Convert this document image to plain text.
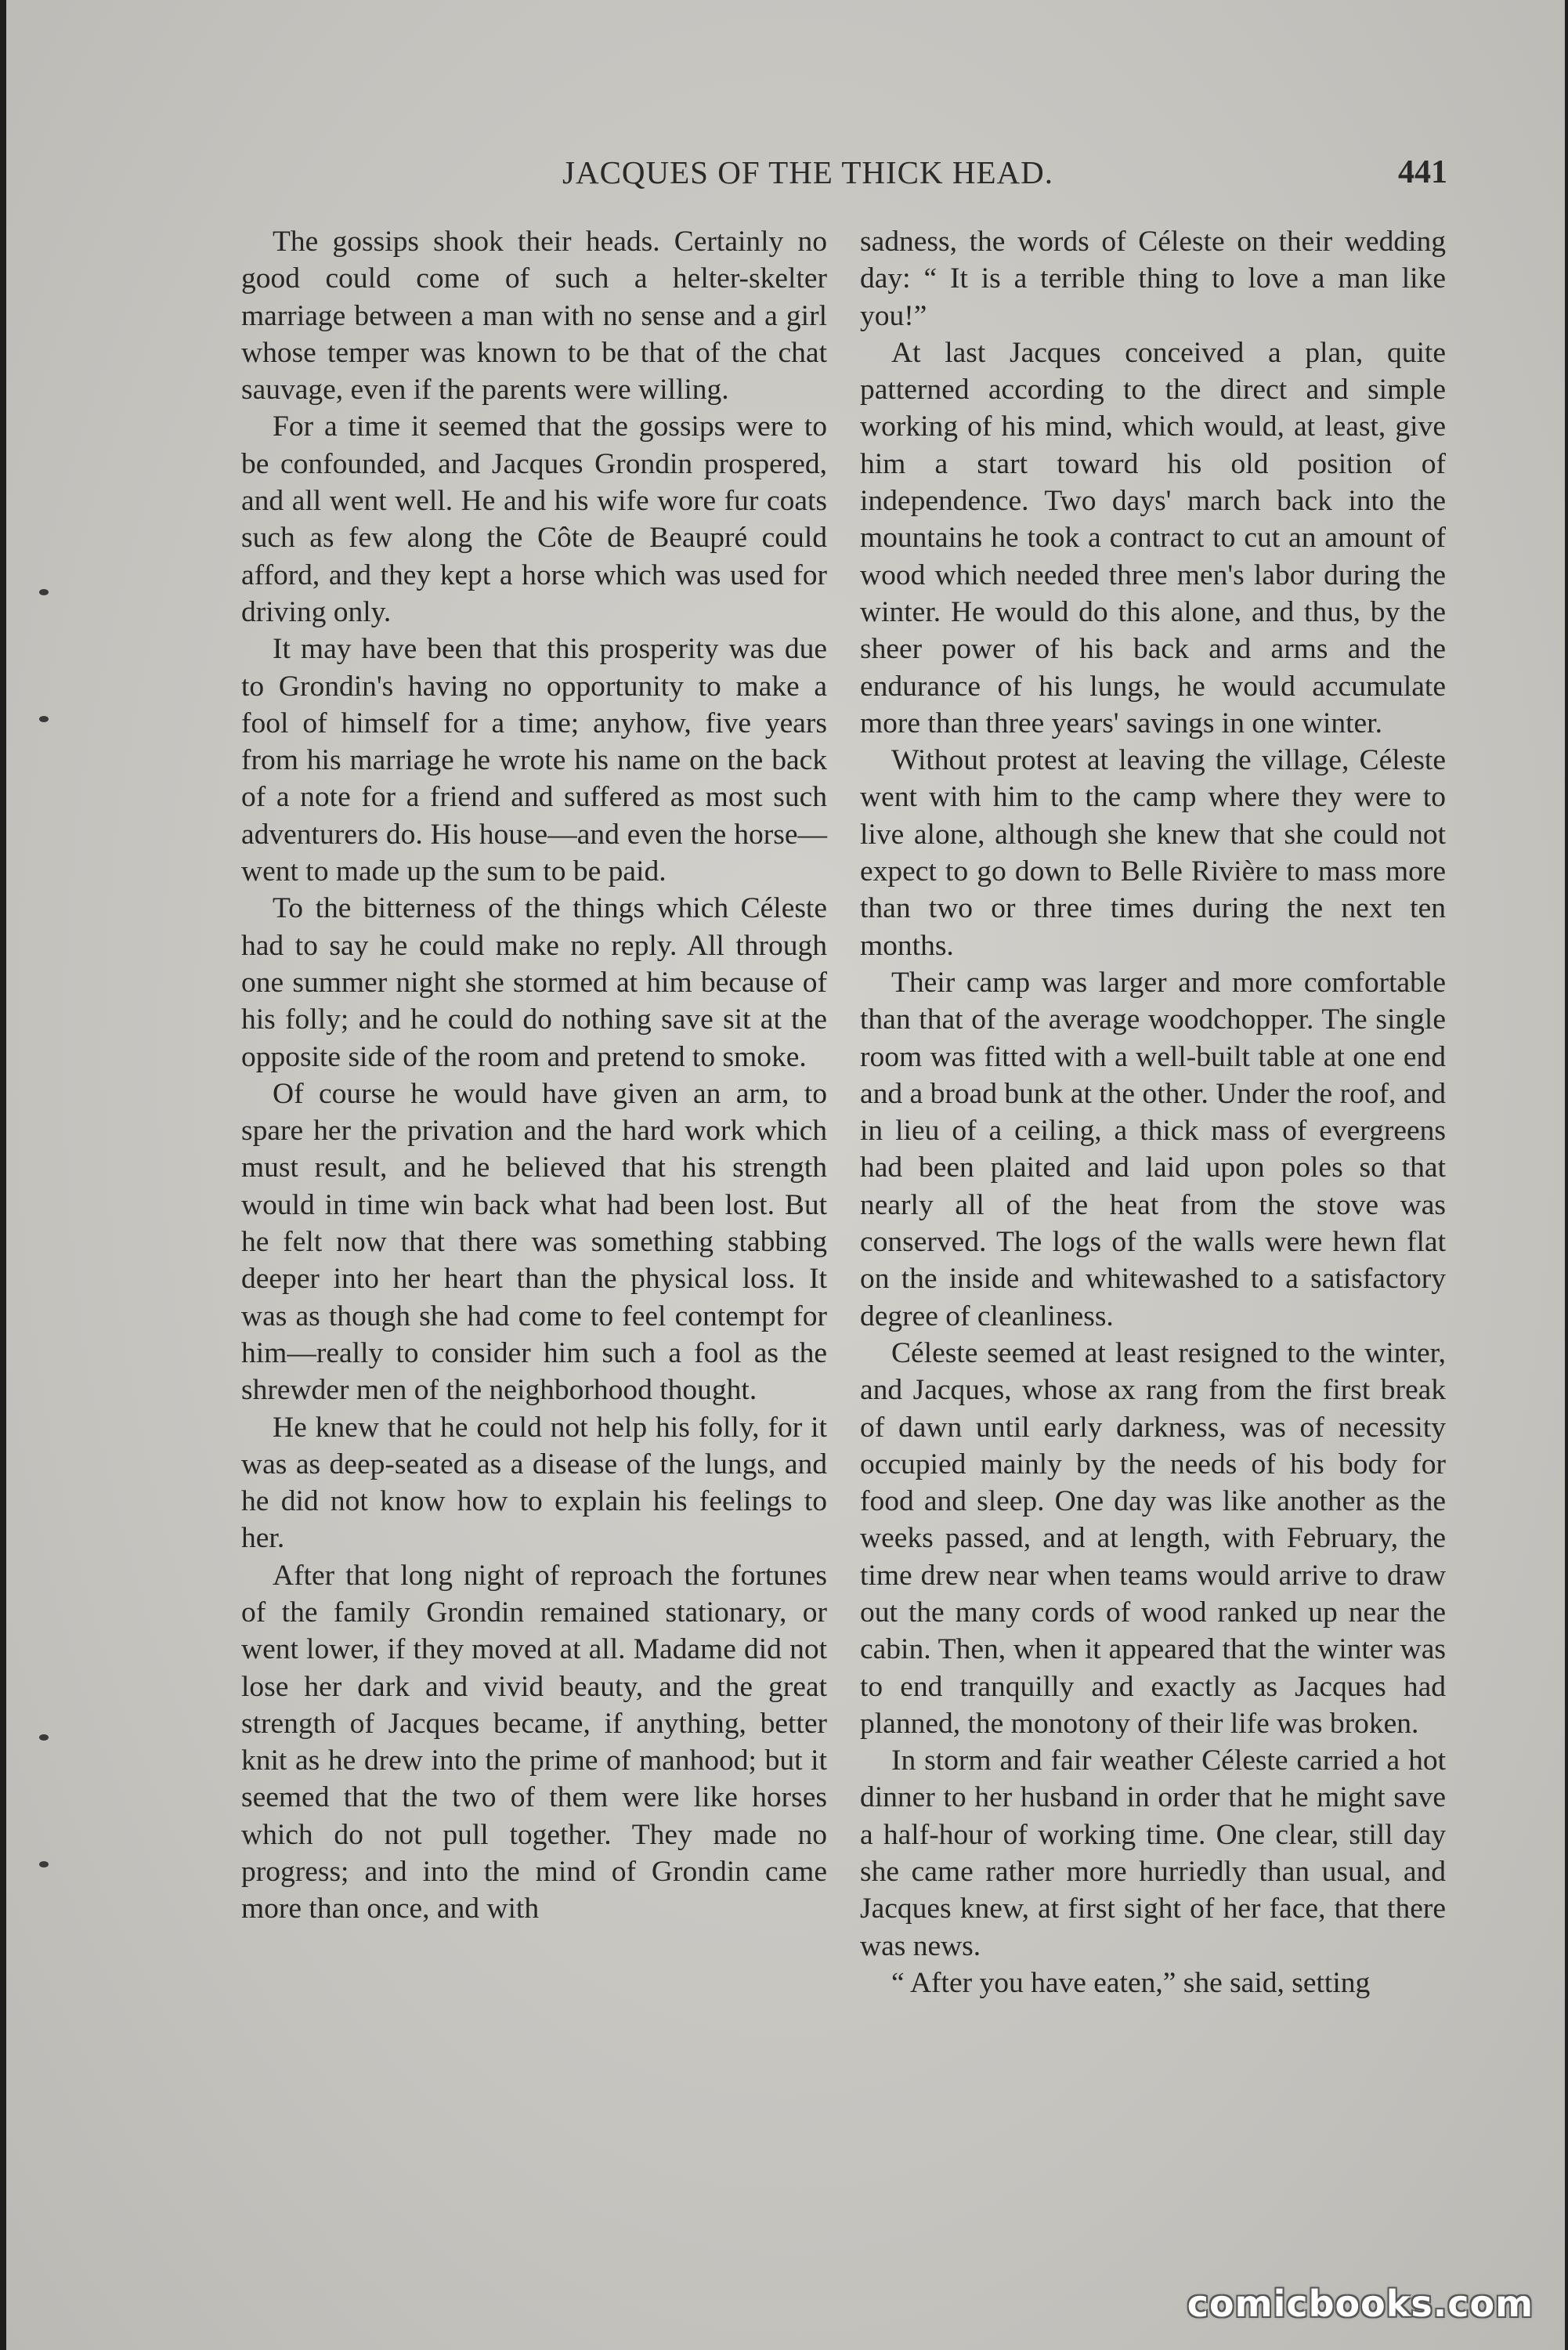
JACQUES OF THE THICK HEAD.	441

The gossips shook their heads. Certainly no good could come of such a helter-skelter marriage between a man with no sense and a girl whose temper was known to be that of the chat sauvage, even if the parents were willing.

For a time it seemed that the gossips were to be confounded, and Jacques Grondin prospered, and all went well. He and his wife wore fur coats such as few along the Côte de Beaupré could afford, and they kept a horse which was used for driving only.

It may have been that this prosperity was due to Grondin's having no opportunity to make a fool of himself for a time; anyhow, five years from his marriage he wrote his name on the back of a note for a friend and suffered as most such adventurers do. His house—and even the horse—went to made up the sum to be paid.

To the bitterness of the things which Céleste had to say he could make no reply. All through one summer night she stormed at him because of his folly; and he could do nothing save sit at the opposite side of the room and pretend to smoke.

Of course he would have given an arm, to spare her the privation and the hard work which must result, and he believed that his strength would in time win back what had been lost. But he felt now that there was something stabbing deeper into her heart than the physical loss. It was as though she had come to feel contempt for him—really to consider him such a fool as the shrewder men of the neighborhood thought.

He knew that he could not help his folly, for it was as deep-seated as a disease of the lungs, and he did not know how to explain his feelings to her.

After that long night of reproach the fortunes of the family Grondin remained stationary, or went lower, if they moved at all. Madame did not lose her dark and vivid beauty, and the great strength of Jacques became, if anything, better knit as he drew into the prime of manhood; but it seemed that the two of them were like horses which do not pull together. They made no progress; and into the mind of Grondin came more than once, and with

sadness, the words of Céleste on their wedding day: “ It is a terrible thing to love a man like you!”

At last Jacques conceived a plan, quite patterned according to the direct and simple working of his mind, which would, at least, give him a start toward his old position of independence. Two days' march back into the mountains he took a contract to cut an amount of wood which needed three men's labor during the winter. He would do this alone, and thus, by the sheer power of his back and arms and the endurance of his lungs, he would accumulate more than three years' savings in one winter.

Without protest at leaving the village, Céleste went with him to the camp where they were to live alone, although she knew that she could not expect to go down to Belle Rivière to mass more than two or three times during the next ten months.

Their camp was larger and more comfortable than that of the average woodchopper. The single room was fitted with a well-built table at one end and a broad bunk at the other. Under the roof, and in lieu of a ceiling, a thick mass of evergreens had been plaited and laid upon poles so that nearly all of the heat from the stove was conserved. The logs of the walls were hewn flat on the inside and whitewashed to a satisfactory degree of cleanliness.

Céleste seemed at least resigned to the winter, and Jacques, whose ax rang from the first break of dawn until early darkness, was of necessity occupied mainly by the needs of his body for food and sleep. One day was like another as the weeks passed, and at length, with February, the time drew near when teams would arrive to draw out the many cords of wood ranked up near the cabin. Then, when it appeared that the winter was to end tranquilly and exactly as Jacques had planned, the monotony of their life was broken.

In storm and fair weather Céleste carried a hot dinner to her husband in order that he might save a half-hour of working time. One clear, still day she came rather more hurriedly than usual, and Jacques knew, at first sight of her face, that there was news.

“ After you have eaten,” she said, setting

comicbooks.com
